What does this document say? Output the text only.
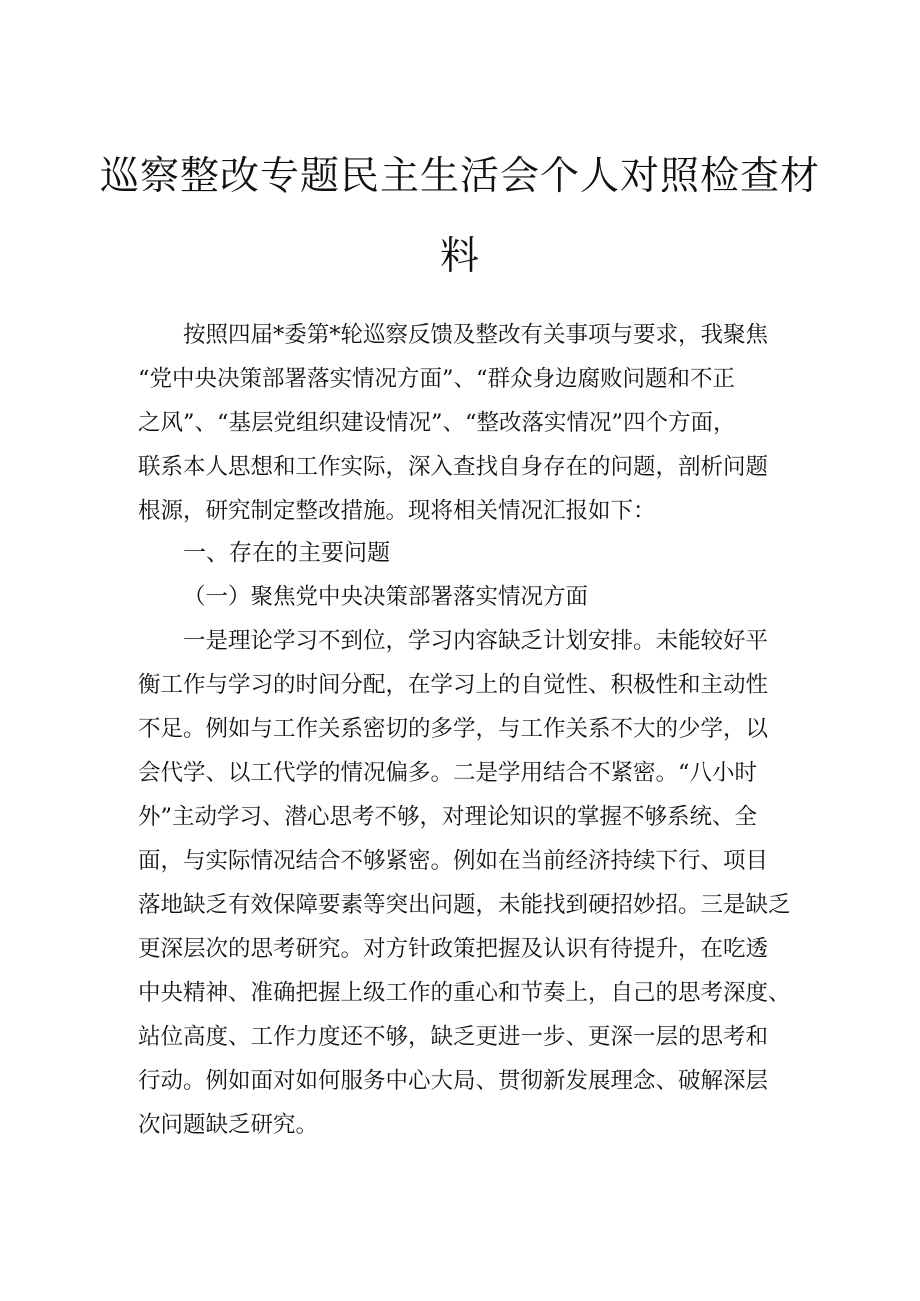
巡察整改专题民主生活会个人对照检查材
料
按照四届*委第*轮巡察反馈及整改有关事项与要求，我聚焦
“党中央决策部署落实情况方面”、“群众身边腐败问题和不正
之风”、“基层党组织建设情况”、“整改落实情况”四个方面，
联系本人思想和工作实际，深入查找自身存在的问题，剖析问题
根源，研究制定整改措施。现将相关情况汇报如下：
一、存在的主要问题
（一）聚焦党中央决策部署落实情况方面
一是理论学习不到位，学习内容缺乏计划安排。未能较好平
衡工作与学习的时间分配，在学习上的自觉性、积极性和主动性
不足。例如与工作关系密切的多学，与工作关系不大的少学，以
会代学、以工代学的情况偏多。二是学用结合不紧密。“八小时
外”主动学习、潜心思考不够，对理论知识的掌握不够系统、全
面，与实际情况结合不够紧密。例如在当前经济持续下行、项目
落地缺乏有效保障要素等突出问题，未能找到硬招妙招。三是缺乏
更深层次的思考研究。对方针政策把握及认识有待提升，在吃透
中央精神、准确把握上级工作的重心和节奏上，自己的思考深度、
站位高度、工作力度还不够，缺乏更进一步、更深一层的思考和
行动。例如面对如何服务中心大局、贯彻新发展理念、破解深层
次问题缺乏研究。
